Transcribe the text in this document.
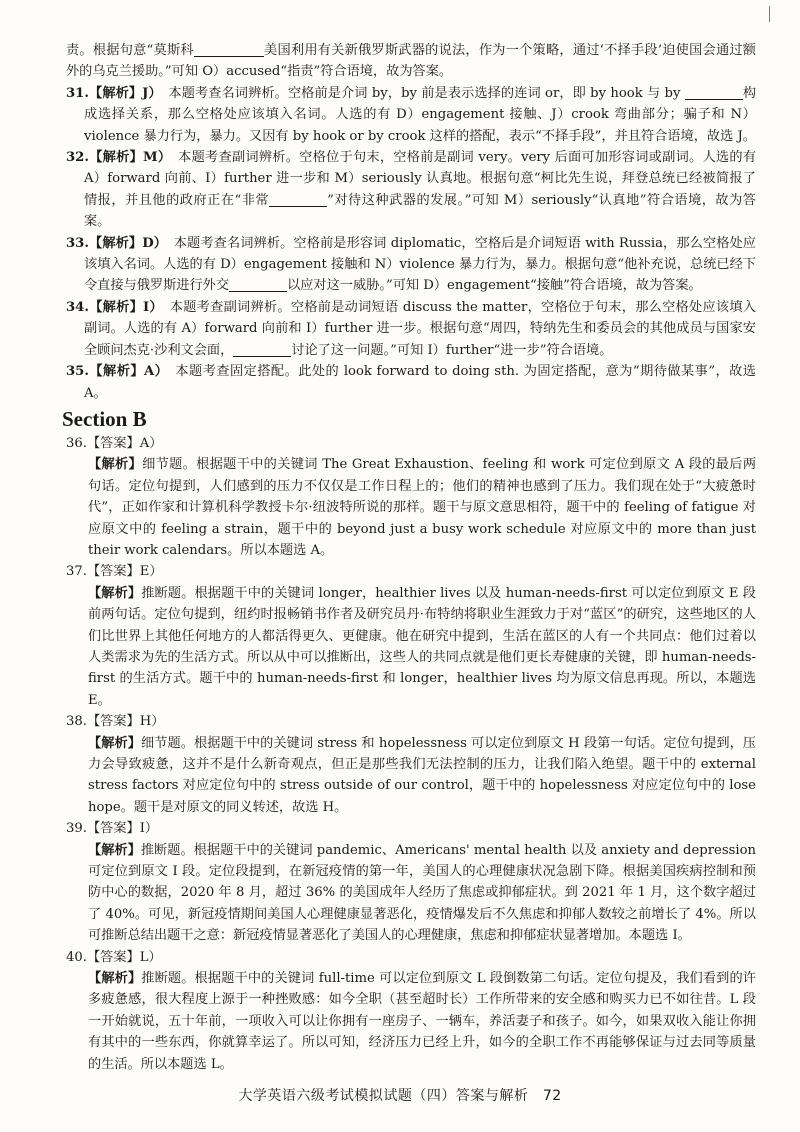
责。根据句意“莫斯科	美国利用有关新俄罗斯武器的说法，作为一个策略，通过‘不择手段’迫使国会通过额外的乌克兰援助。”可知 O）accused“指责”符合语境，故为答案。

31.【解析】J）　 本题考查名词辨析。空格前是介词 by，by 前是表示选择的连词 or，即 by hook 与 by	构成选择关系，那么空格处应该填入名词。人选的有 D）engagement 接触、J）crook 弯曲部分；骗子和 N）violence 暴力行为，暴力。又因有 by hook or by crook 这样的搭配，表示“不择手段”，并且符合语境，故选 J。

32.【解析】M）　 本题考查副词辨析。空格位于句末，空格前是副词 very。very 后面可加形容词或副词。人选的有 A）forward 向前、I）further 进一步和 M）seriously 认真地。根据句意“柯比先生说，拜登总统已经被简报了情报，并且他的政府正在“非常	”对待这种武器的发展。”可知 M）seriously“认真地”符合语境，故为答案。

33.【解析】D）　 本题考查名词辨析。空格前是形容词 diplomatic，空格后是介词短语 with Russia，那么空格处应该填入名词。人选的有 D）engagement 接触和 N）violence 暴力行为，暴力。根据句意“他补充说，总统已经下令直接与俄罗斯进行外交	以应对这一威胁。”可知 D）engagement“接触”符合语境，故为答案。

34.【解析】I）　 本题考查副词辨析。空格前是动词短语 discuss the matter，空格位于句末，那么空格处应该填入副词。人选的有 A）forward 向前和 I）further 进一步。根据句意“周四，特纳先生和委员会的其他成员与国家安全顾问杰克·沙利文会面，	讨论了这一问题。”可知 I）further“进一步”符合语境。

35.【解析】A）　 本题考查固定搭配。此处的 look forward to doing sth. 为固定搭配，意为“期待做某事”，故选 A。

Section B

36.【答案】A）

【解析】细节题。根据题干中的关键词 The Great Exhaustion、feeling 和 work 可定位到原文 A 段的最后两句话。定位句提到，人们感到的压力不仅仅是工作日程上的；他们的精神也感到了压力。我们现在处于“大疲惫时代”，正如作家和计算机科学教授卡尔·纽波特所说的那样。题干与原文意思相符，题干中的 feeling of fatigue 对应原文中的 feeling a strain，题干中的 beyond just a busy work schedule 对应原文中的 more than just their work calendars。所以本题选 A。

37.【答案】E）

【解析】推断题。根据题干中的关键词 longer，healthier lives 以及 human-needs-first 可以定位到原文 E 段前两句话。定位句提到，纽约时报畅销书作者及研究员丹·布特纳将职业生涯致力于对“蓝区”的研究，这些地区的人们比世界上其他任何地方的人都活得更久、更健康。他在研究中提到，生活在蓝区的人有一个共同点：他们过着以人类需求为先的生活方式。所以从中可以推断出，这些人的共同点就是他们更长寿健康的关键，即 human-needs-first 的生活方式。题干中的 human-needs-first 和 longer，healthier lives 均为原文信息再现。所以，本题选 E。

38.【答案】H）

【解析】细节题。根据题干中的关键词 stress 和 hopelessness 可以定位到原文 H 段第一句话。定位句提到，压力会导致疲惫，这并不是什么新奇观点，但正是那些我们无法控制的压力，让我们陷入绝望。题干中的 external stress factors 对应定位句中的 stress outside of our control，题干中的 hopelessness 对应定位句中的 lose hope。题干是对原文的同义转述，故选 H。

39.【答案】I）

【解析】推断题。根据题干中的关键词 pandemic、Americans' mental health 以及 anxiety and depression 可定位到原文 I 段。定位段提到，在新冠疫情的第一年，美国人的心理健康状况急剧下降。根据美国疾病控制和预防中心的数据，2020 年 8 月，超过 36% 的美国成年人经历了焦虑或抑郁症状。到 2021 年 1 月，这个数字超过了 40%。可见，新冠疫情期间美国人心理健康显著恶化，疫情爆发后不久焦虑和抑郁人数较之前增长了 4%。所以可推断总结出题干之意：新冠疫情显著恶化了美国人的心理健康，焦虑和抑郁症状显著增加。本题选 I。

40.【答案】L）

【解析】推断题。根据题干中的关键词 full-time 可以定位到原文 L 段倒数第二句话。定位句提及，我们看到的许多疲惫感，很大程度上源于一种挫败感：如今全职（甚至超时长）工作所带来的安全感和购买力已不如往昔。L 段一开始就说，五十年前，一项收入可以让你拥有一座房子、一辆车，养活妻子和孩子。如今，如果双收入能让你拥有其中的一些东西，你就算幸运了。所以可知，经济压力已经上升，如今的全职工作不再能够保证与过去同等质量的生活。所以本题选 L。

大学英语六级考试模拟试题（四）答案与解析　72
